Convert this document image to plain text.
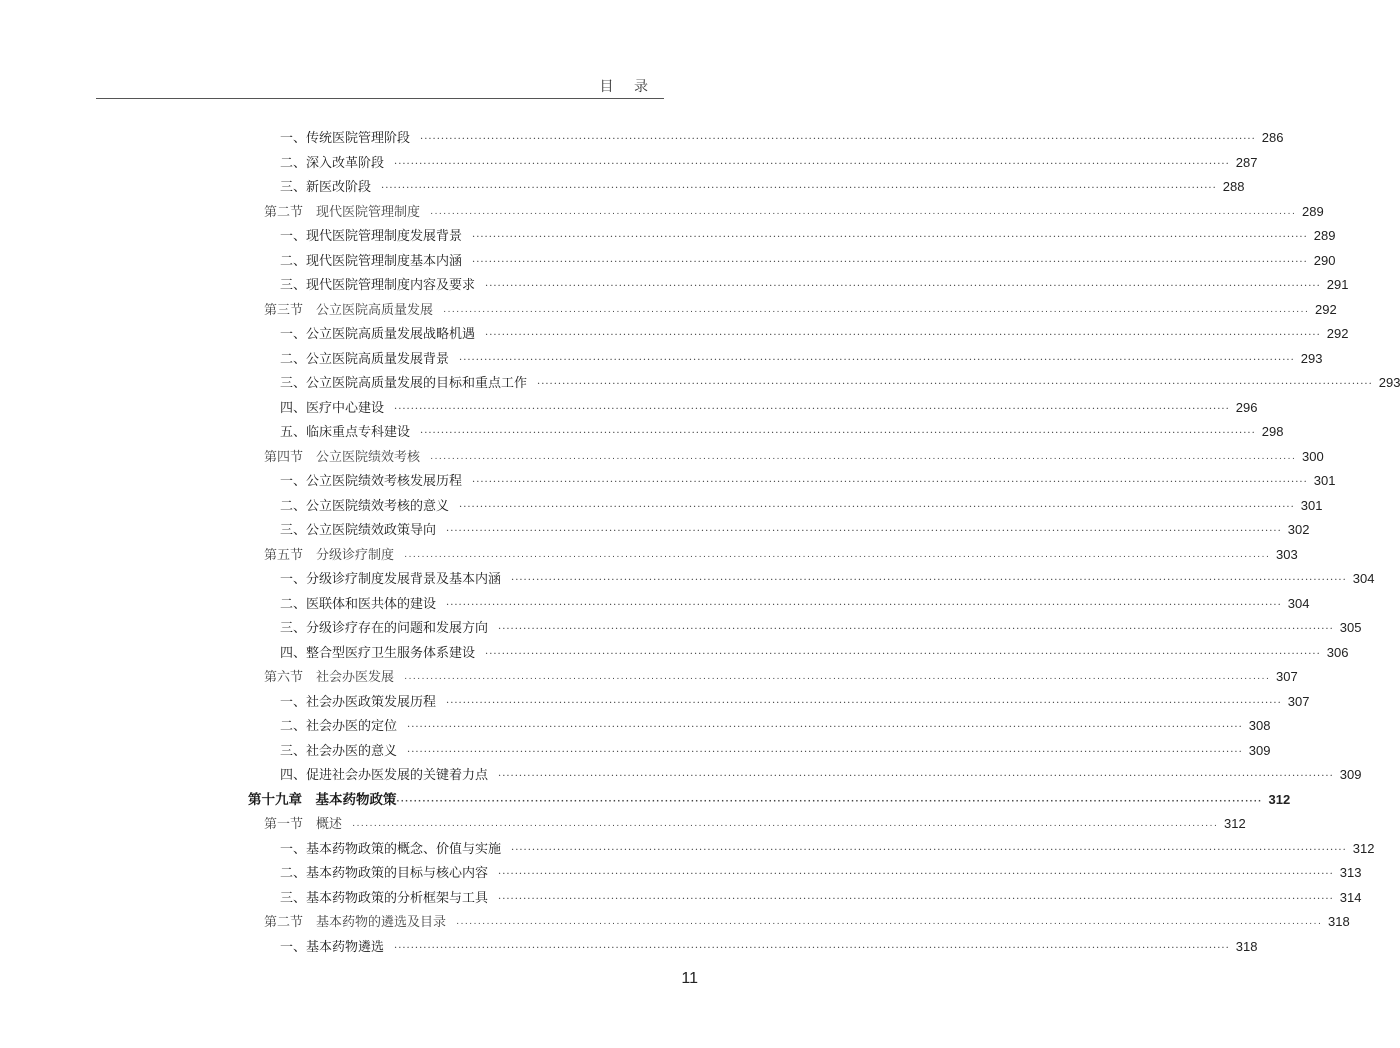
目 录
一、传统医院管理阶段 ········································································································································································································ 286
二、深入改革阶段 ········································································································································································································ 287
三、新医改阶段 ········································································································································································································ 288
第二节　现代医院管理制度 ········································································································································································································ 289
一、现代医院管理制度发展背景 ········································································································································································································ 289
二、现代医院管理制度基本内涵 ········································································································································································································ 290
三、现代医院管理制度内容及要求 ········································································································································································································ 291
第三节　公立医院高质量发展 ········································································································································································································ 292
一、公立医院高质量发展战略机遇 ········································································································································································································ 292
二、公立医院高质量发展背景 ········································································································································································································ 293
三、公立医院高质量发展的目标和重点工作 ········································································································································································································ 293
四、医疗中心建设 ········································································································································································································ 296
五、临床重点专科建设 ········································································································································································································ 298
第四节　公立医院绩效考核 ········································································································································································································ 300
一、公立医院绩效考核发展历程 ········································································································································································································ 301
二、公立医院绩效考核的意义 ········································································································································································································ 301
三、公立医院绩效政策导向 ········································································································································································································ 302
第五节　分级诊疗制度 ········································································································································································································ 303
一、分级诊疗制度发展背景及基本内涵 ········································································································································································································ 304
二、医联体和医共体的建设 ········································································································································································································ 304
三、分级诊疗存在的问题和发展方向 ········································································································································································································ 305
四、整合型医疗卫生服务体系建设 ········································································································································································································ 306
第六节　社会办医发展 ········································································································································································································ 307
一、社会办医政策发展历程 ········································································································································································································ 307
二、社会办医的定位 ········································································································································································································ 308
三、社会办医的意义 ········································································································································································································ 309
四、促进社会办医发展的关键着力点 ········································································································································································································ 309
第十九章　基本药物政策 ········································································································································································································ 312
第一节　概述 ········································································································································································································ 312
一、基本药物政策的概念、价值与实施 ········································································································································································································ 312
二、基本药物政策的目标与核心内容 ········································································································································································································ 313
三、基本药物政策的分析框架与工具 ········································································································································································································ 314
第二节　基本药物的遴选及目录 ········································································································································································································ 318
一、基本药物遴选 ········································································································································································································ 318
11
